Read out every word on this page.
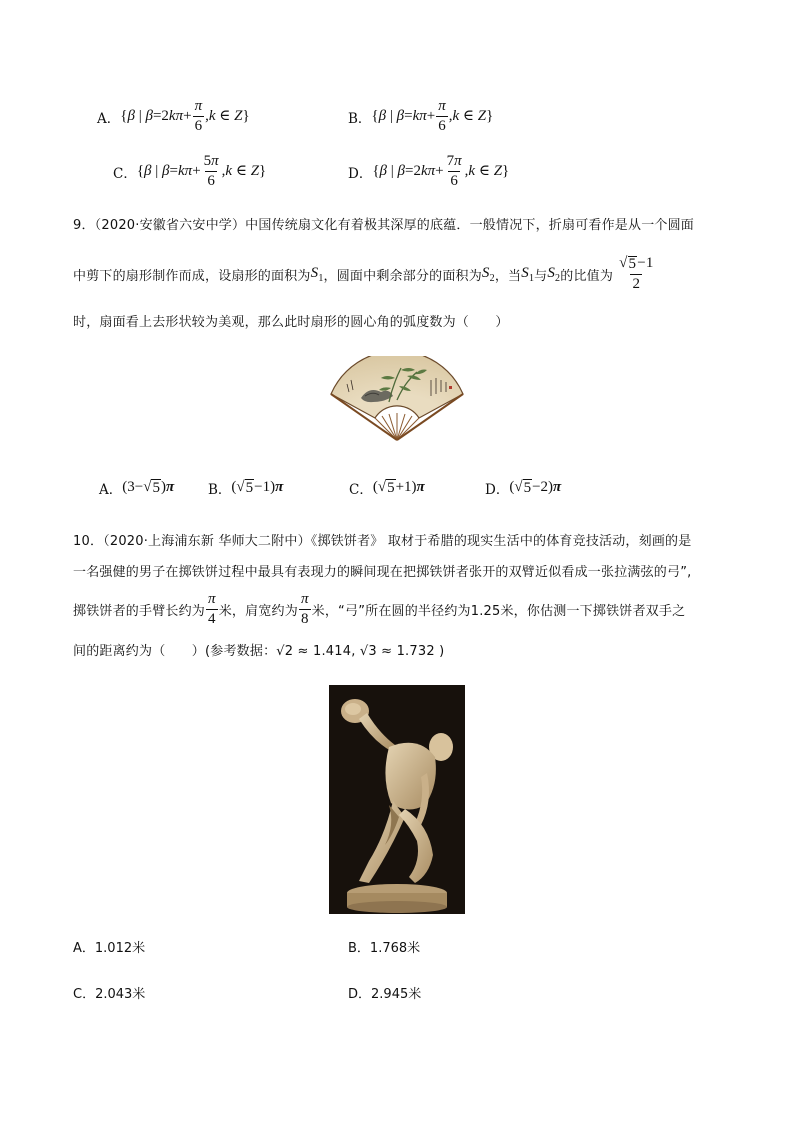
A． {β | $\beta=2k\pi+ \frac{\pi}{6} ,k$ ∈ Z}	B． {β | $\beta=k\pi+ \frac{\pi}{6} ,k$ ∈ Z}
C． {β | $\beta=k\pi+ \frac{5\pi}{6} ,k$ ∈ Z}	D． {β | $\beta=2k\pi+ \frac{7\pi}{6} ,k$ ∈ Z}
9．（2020·安徽省六安中学）中国传统扇文化有着极其深厚的底蕴．一般情况下，折扇可看作是从一个圆面
中剪下的扇形制作而成，设扇形的面积为 $S_1$ ，圆面中剩余部分的面积为 $S_2$ ，当 $S_1$ 与 $S_2$ 的比值为 $\frac{√ 5 -1}{2}$
时，扇面看上去形状较为美观，那么此时扇形的圆心角的弧度数为（　　）
A． (3− √ 5 )π	B． ( √ 5 −1)π	C． ( √ 5 +1)π	D． ( √ 5 −2)π
10．（2020·上海浦东新 华师大二附中）《掷铁饼者》 取材于希腊的现实生活中的体育竞技活动，刻画的是
一名强健的男子在掷铁饼过程中最具有表现力的瞬间现在把掷铁饼者张开的双臂近似看成一张拉满弦的弓”,
掷铁饼者的手臂长约为 $\frac{\pi}{4}$ 米，肩宽约为 $\frac{\pi}{8}$ 米，“弓”所在圆的半径约为1.25米，你估测一下掷铁饼者双手之
间的距离约为（　　）(参考数据：√2 ≈ 1.414, √3 ≈ 1.732 )
A． 1.012米	B． 1.768米
C． 2.043米	D． 2.945米
